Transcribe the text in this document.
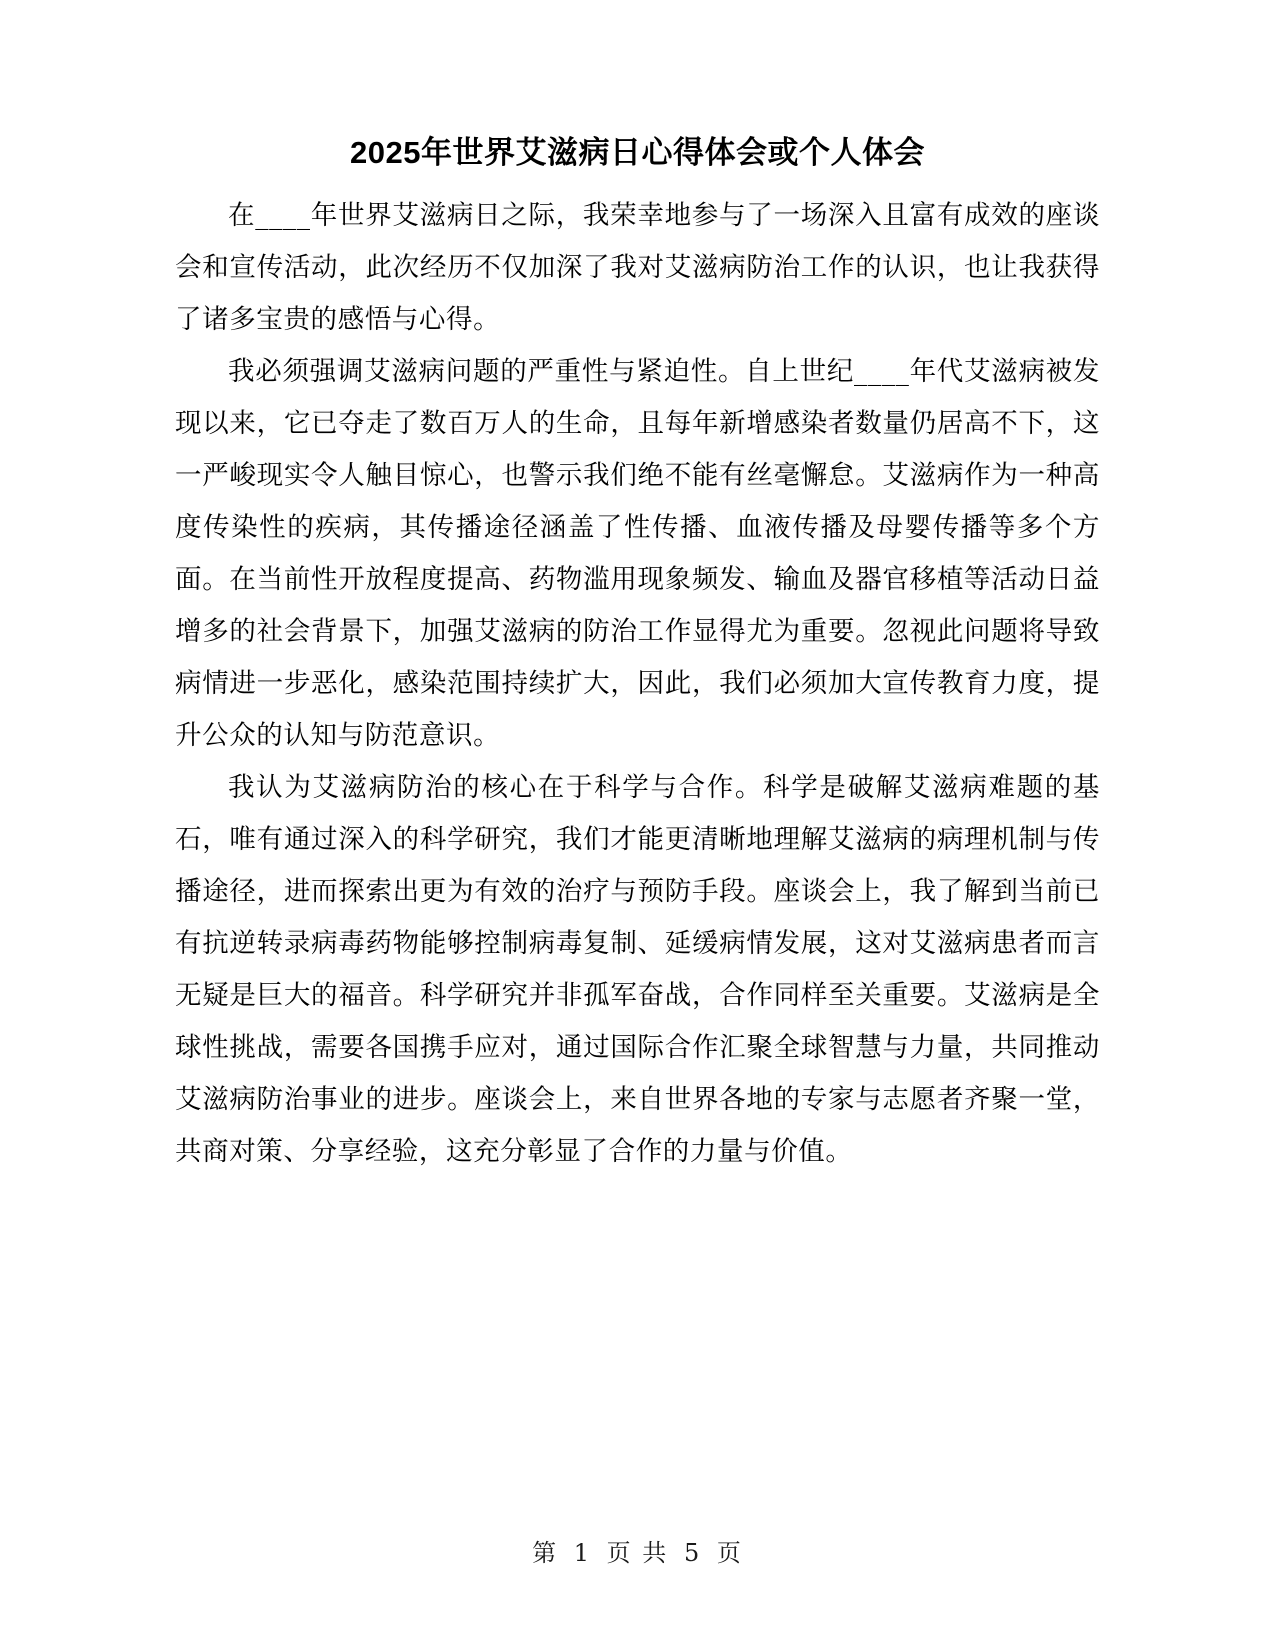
2025年世界艾滋病日心得体会或个人体会

在____年世界艾滋病日之际，我荣幸地参与了一场深入且富有成效的座谈会和宣传活动，此次经历不仅加深了我对艾滋病防治工作的认识，也让我获得了诸多宝贵的感悟与心得。

我必须强调艾滋病问题的严重性与紧迫性。自上世纪____年代艾滋病被发现以来，它已夺走了数百万人的生命，且每年新增感染者数量仍居高不下，这一严峻现实令人触目惊心，也警示我们绝不能有丝毫懈怠。艾滋病作为一种高度传染性的疾病，其传播途径涵盖了性传播、血液传播及母婴传播等多个方面。在当前性开放程度提高、药物滥用现象频发、输血及器官移植等活动日益增多的社会背景下，加强艾滋病的防治工作显得尤为重要。忽视此问题将导致病情进一步恶化，感染范围持续扩大，因此，我们必须加大宣传教育力度，提升公众的认知与防范意识。

我认为艾滋病防治的核心在于科学与合作。科学是破解艾滋病难题的基石，唯有通过深入的科学研究，我们才能更清晰地理解艾滋病的病理机制与传播途径，进而探索出更为有效的治疗与预防手段。座谈会上，我了解到当前已有抗逆转录病毒药物能够控制病毒复制、延缓病情发展，这对艾滋病患者而言无疑是巨大的福音。科学研究并非孤军奋战，合作同样至关重要。艾滋病是全球性挑战，需要各国携手应对，通过国际合作汇聚全球智慧与力量，共同推动艾滋病防治事业的进步。座谈会上，来自世界各地的专家与志愿者齐聚一堂，共商对策、分享经验，这充分彰显了合作的力量与价值。

第 1 页 共 5 页
